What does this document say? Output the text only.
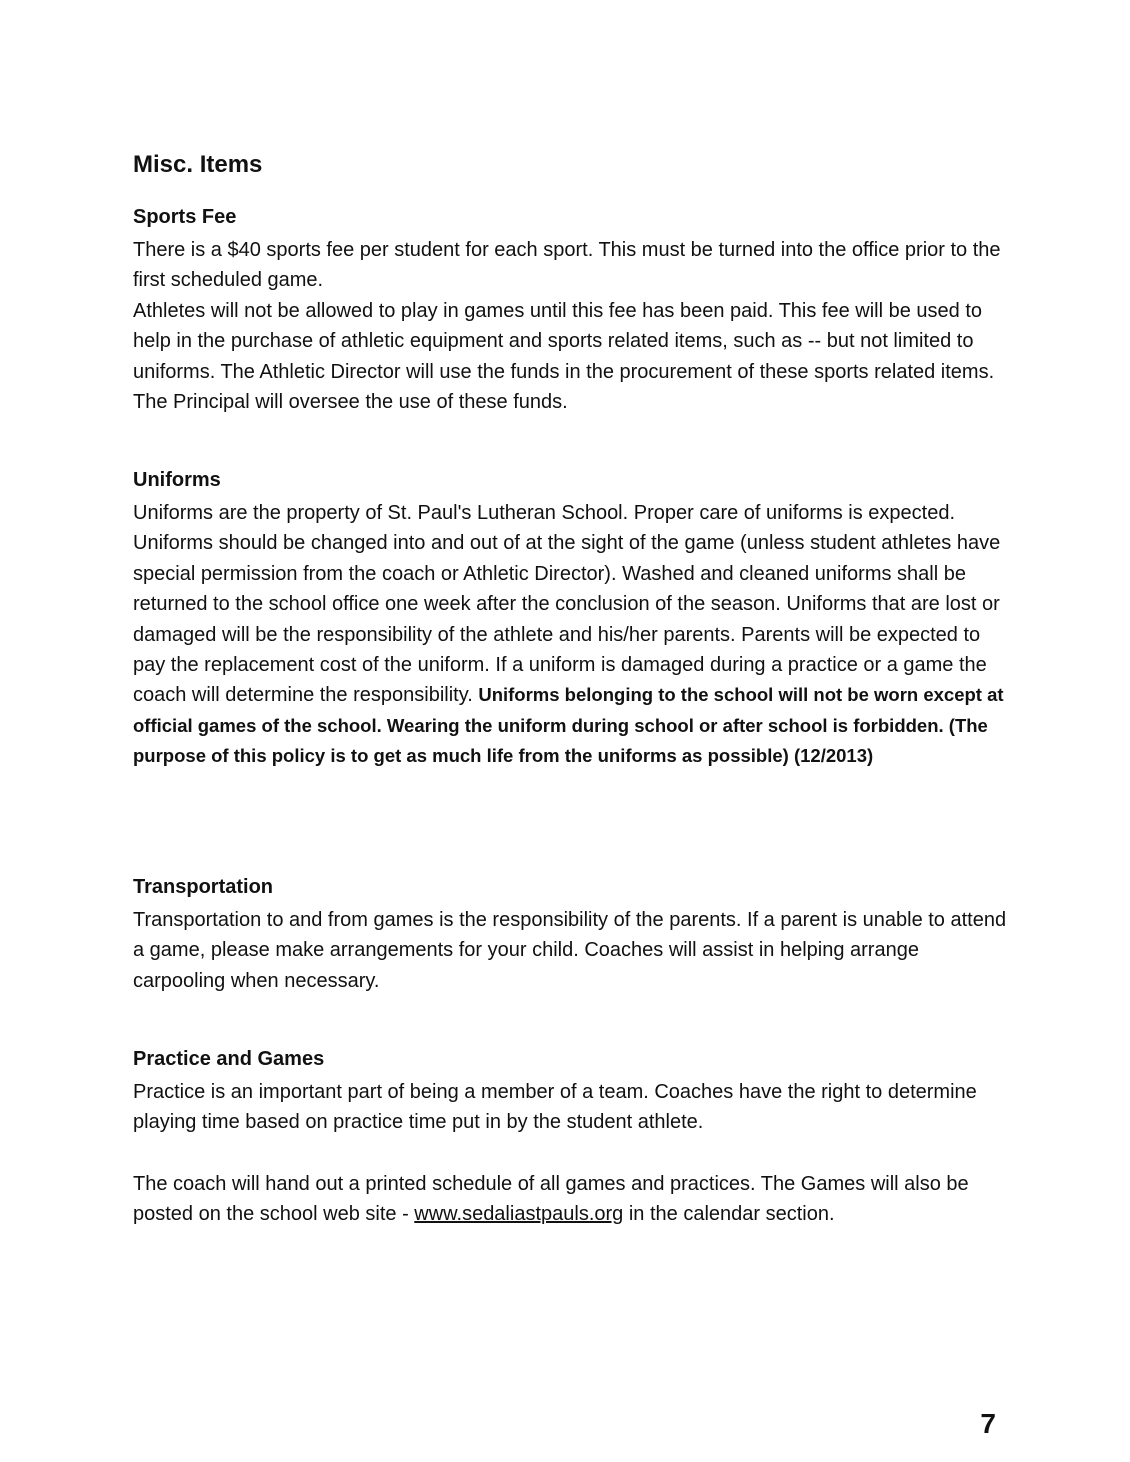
Misc. Items
Sports Fee

There is a $40 sports fee per student for each sport. This must be turned into the office prior to the first scheduled game.

Athletes will not be allowed to play in games until this fee has been paid. This fee will be used to help in the purchase of athletic equipment and sports related items, such as -- but not limited to uniforms. The Athletic Director will use the funds in the procurement of these sports related items. The Principal will oversee the use of these funds.

Uniforms

Uniforms are the property of St. Paul's Lutheran School. Proper care of uniforms is expected. Uniforms should be changed into and out of at the sight of the game (unless student athletes have special permission from the coach or Athletic Director). Washed and cleaned uniforms shall be returned to the school office one week after the conclusion of the season. Uniforms that are lost or damaged will be the responsibility of the athlete and his/her parents. Parents will be expected to pay the replacement cost of the uniform. If a uniform is damaged during a practice or a game the coach will determine the responsibility. Uniforms belonging to the school will not be worn except at official games of the school. Wearing the uniform during school or after school is forbidden. (The purpose of this policy is to get as much life from the uniforms as possible) (12/2013)

Transportation

Transportation to and from games is the responsibility of the parents. If a parent is unable to attend a game, please make arrangements for your child. Coaches will assist in helping arrange carpooling when necessary.

Practice and Games

Practice is an important part of being a member of a team. Coaches have the right to determine playing time based on practice time put in by the student athlete.

The coach will hand out a printed schedule of all games and practices. The Games will also be posted on the school web site - www.sedaliastpauls.org in the calendar section.

7
